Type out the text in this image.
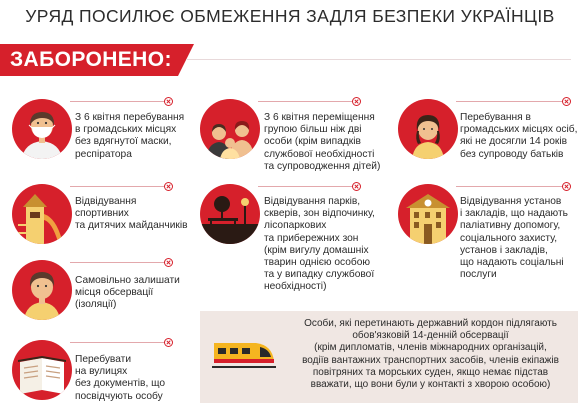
УРЯД ПОСИЛЮЄ ОБМЕЖЕННЯ ЗАДЛЯ БЕЗПЕКИ УКРАЇНЦІВ
ЗАБОРОНЕНО:
З 6 квітня перебування
в громадських місцях
без вдягнутої маски,
респіратора
З 6 квітня переміщення
групою більш ніж дві
особи (крім випадків
службової необхідності
та супроводження дітей)
Перебування в
громадських місцях осіб,
які не досягли 14 років
без супроводу батьків
Відвідування
спортивних
та дитячих майданчиків
Відвідування парків,
скверів, зон відпочинку,
лісопаркових
та прибережних зон
(крім вигулу домашніх
тварин однією особою
та у випадку службової
необхідності)
Відвідування установ
і закладів, що надають
паліативну допомогу,
соціального захисту,
установ і закладів,
що надають соціальні
послуги
Самовільно залишати
місця обсервації
(ізоляції)
Перебувати
на вулицях
без документів, що
посвідчують особу
Особи, які перетинають державний кордон підлягають
обов'язковій 14-денній обсервації
(крім дипломатів, членів міжнародних організацій,
водіїв вантажних транспортних засобів, членів екіпажів
повітряних та морських суден, якщо немає підстав
вважати, що вони були у контакті з хворою особою)
